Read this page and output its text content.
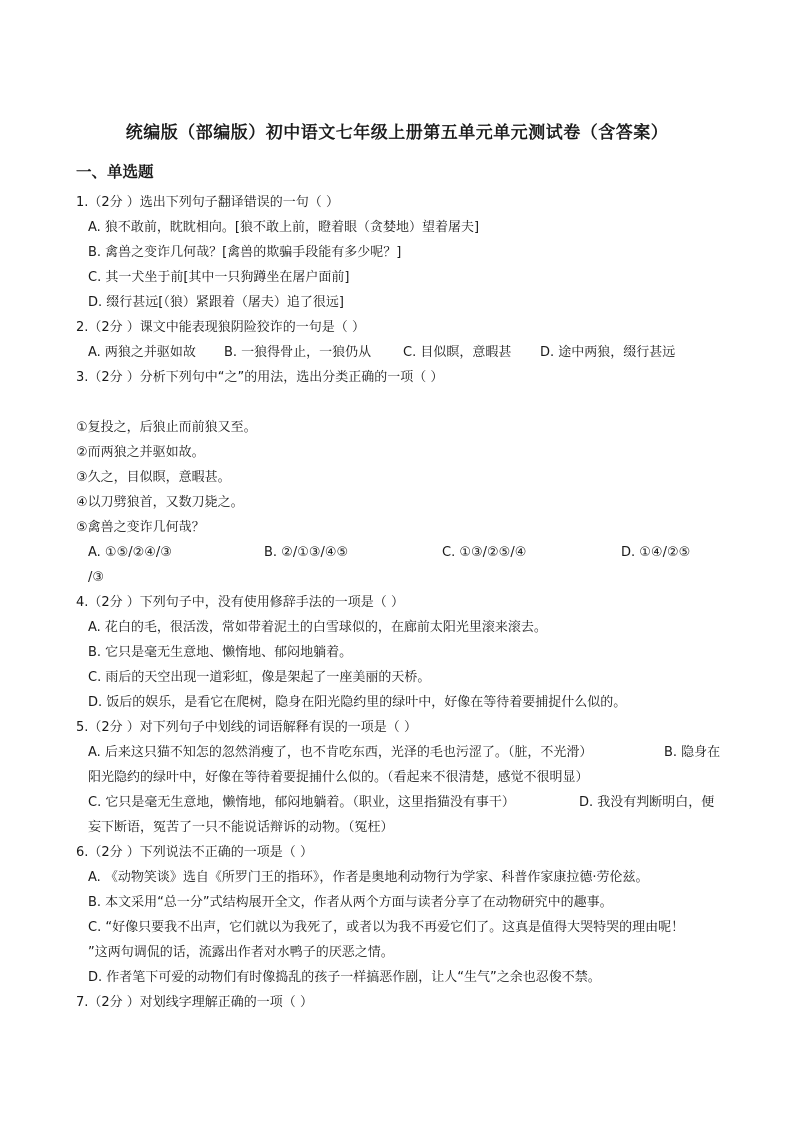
统编版（部编版）初中语文七年级上册第五单元单元测试卷（含答案）
一、单选题
1.（2分 ）选出下列句子翻译错误的一句（ ）
A. 狼不敢前，眈眈相向。[狼不敢上前，瞪着眼（贪婪地）望着屠夫]
B. 禽兽之变诈几何哉？[禽兽的欺骗手段能有多少呢？]
C. 其一犬坐于前[其中一只狗蹲坐在屠户面前]
D. 缀行甚远[（狼）紧跟着（屠夫）追了很远]
2.（2分 ）课文中能表现狼阴险狡诈的一句是（ ）
A. 两狼之并驱如故 B. 一狼得骨止，一狼仍从 C. 目似瞑，意暇甚 D. 途中两狼，缀行甚远
3.（2分 ）分析下列句中“之”的用法，选出分类正确的一项（ ）
①复投之，后狼止而前狼又至。
②而两狼之并驱如故。
③久之，目似瞑，意暇甚。
④以刀劈狼首，又数刀毙之。
⑤禽兽之变诈几何哉？
A. ①⑤/②④/③	B. ②/①③/④⑤	C. ①③/②⑤/④	D. ①④/②⑤
/③
4.（2分 ）下列句子中，没有使用修辞手法的一项是（ ）
A. 花白的毛，很活泼，常如带着泥土的白雪球似的，在廊前太阳光里滚来滚去。
B. 它只是毫无生意地、懒惰地、郁闷地躺着。
C. 雨后的天空出现一道彩虹，像是架起了一座美丽的天桥。
D. 饭后的娱乐，是看它在爬树，隐身在阳光隐约里的绿叶中，好像在等待着要捕捉什么似的。
5.（2分 ）对下列句子中划线的词语解释有误的一项是（ ）
A. 后来这只猫不知怎的忽然消瘦了，也不肯吃东西，光泽的毛也污涩了。（脏，不光滑）	B. 隐身在
阳光隐约的绿叶中，好像在等待着要捉捕什么似的。（看起来不很清楚，感觉不很明显）
C. 它只是毫无生意地，懒惰地，郁闷地躺着。（职业，这里指猫没有事干）	D. 我没有判断明白，便
妄下断语，冤苦了一只不能说话辩诉的动物。（冤枉）
6.（2分 ）下列说法不正确的一项是（ ）
A. 《动物笑谈》选自《所罗门王的指环》，作者是奥地利动物行为学家、科普作家康拉德·劳伦兹。
B. 本文采用“总一分”式结构展开全文，作者从两个方面与读者分享了在动物研究中的趣事。
C. “好像只要我不出声，它们就以为我死了，或者以为我不再爱它们了。这真是值得大哭特哭的理由呢！
”这两句调侃的话，流露出作者对水鸭子的厌恶之情。
D. 作者笔下可爱的动物们有时像捣乱的孩子一样搞恶作剧，让人“生气”之余也忍俊不禁。
7.（2分 ）对划线字理解正确的一项（ ）
